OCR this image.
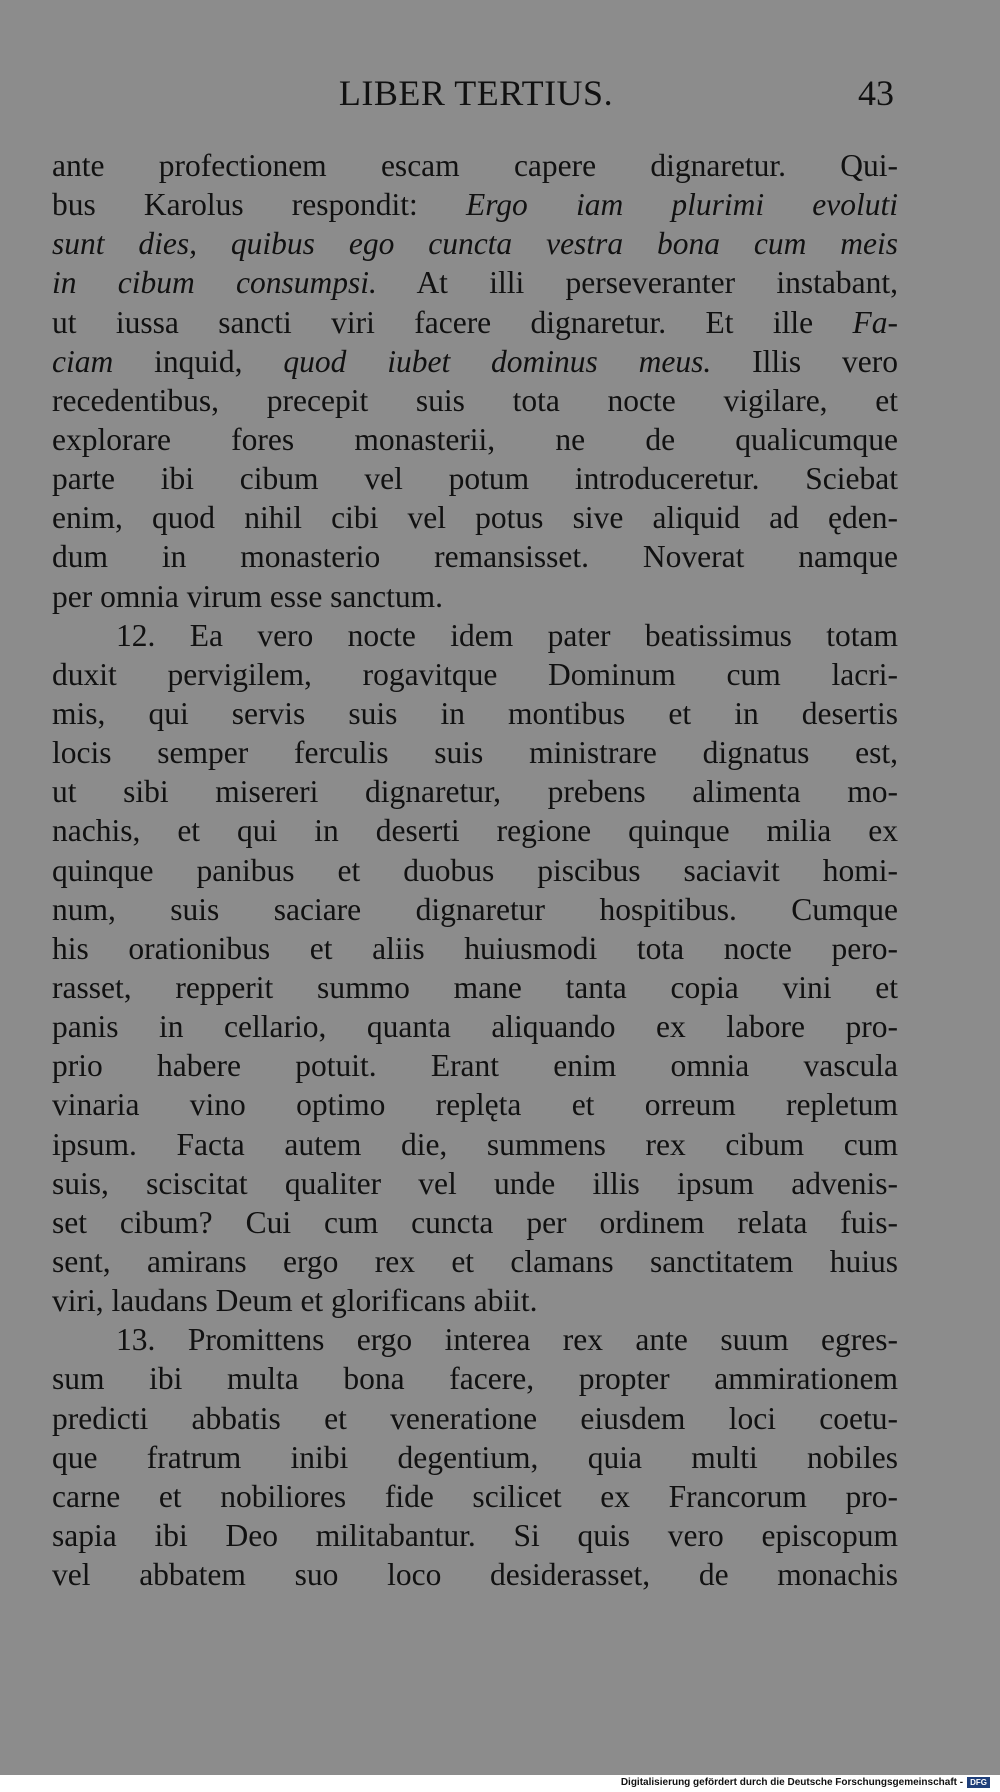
LIBER TERTIUS.	43
ante profectionem escam capere dignaretur. Qui-
bus Karolus respondit: Ergo iam plurimi evoluti
sunt dies, quibus ego cuncta vestra bona cum meis
in cibum consumpsi. At illi perseveranter instabant,
ut iussa sancti viri facere dignaretur. Et ille Fa-
ciam inquid, quod iubet dominus meus. Illis vero
recedentibus, precepit suis tota nocte vigilare, et
explorare fores monasterii, ne de qualicumque
parte ibi cibum vel potum introduceretur. Sciebat
enim, quod nihil cibi vel potus sive aliquid ad ęden-
dum in monasterio remansisset. Noverat namque
per omnia virum esse sanctum.
12. Ea vero nocte idem pater beatissimus totam
duxit pervigilem, rogavitque Dominum cum lacri-
mis, qui servis suis in montibus et in desertis
locis semper ferculis suis ministrare dignatus est,
ut sibi misereri dignaretur, prebens alimenta mo-
nachis, et qui in deserti regione quinque milia ex
quinque panibus et duobus piscibus saciavit homi-
num, suis saciare dignaretur hospitibus. Cumque
his orationibus et aliis huiusmodi tota nocte pero-
rasset, repperit summo mane tanta copia vini et
panis in cellario, quanta aliquando ex labore pro-
prio habere potuit. Erant enim omnia vascula
vinaria vino optimo replęta et orreum repletum
ipsum. Facta autem die, summens rex cibum cum
suis, sciscitat qualiter vel unde illis ipsum advenis-
set cibum? Cui cum cuncta per ordinem relata fuis-
sent, amirans ergo rex et clamans sanctitatem huius
viri, laudans Deum et glorificans abiit.
13. Promittens ergo interea rex ante suum egres-
sum ibi multa bona facere, propter ammirationem
predicti abbatis et veneratione eiusdem loci coetu-
que fratrum inibi degentium, quia multi nobiles
carne et nobiliores fide scilicet ex Francorum pro-
sapia ibi Deo militabantur. Si quis vero episcopum
vel abbatem suo loco desiderasset, de monachis
Digitalisierung gefördert durch die Deutsche Forschungsgemeinschaft - DFG
